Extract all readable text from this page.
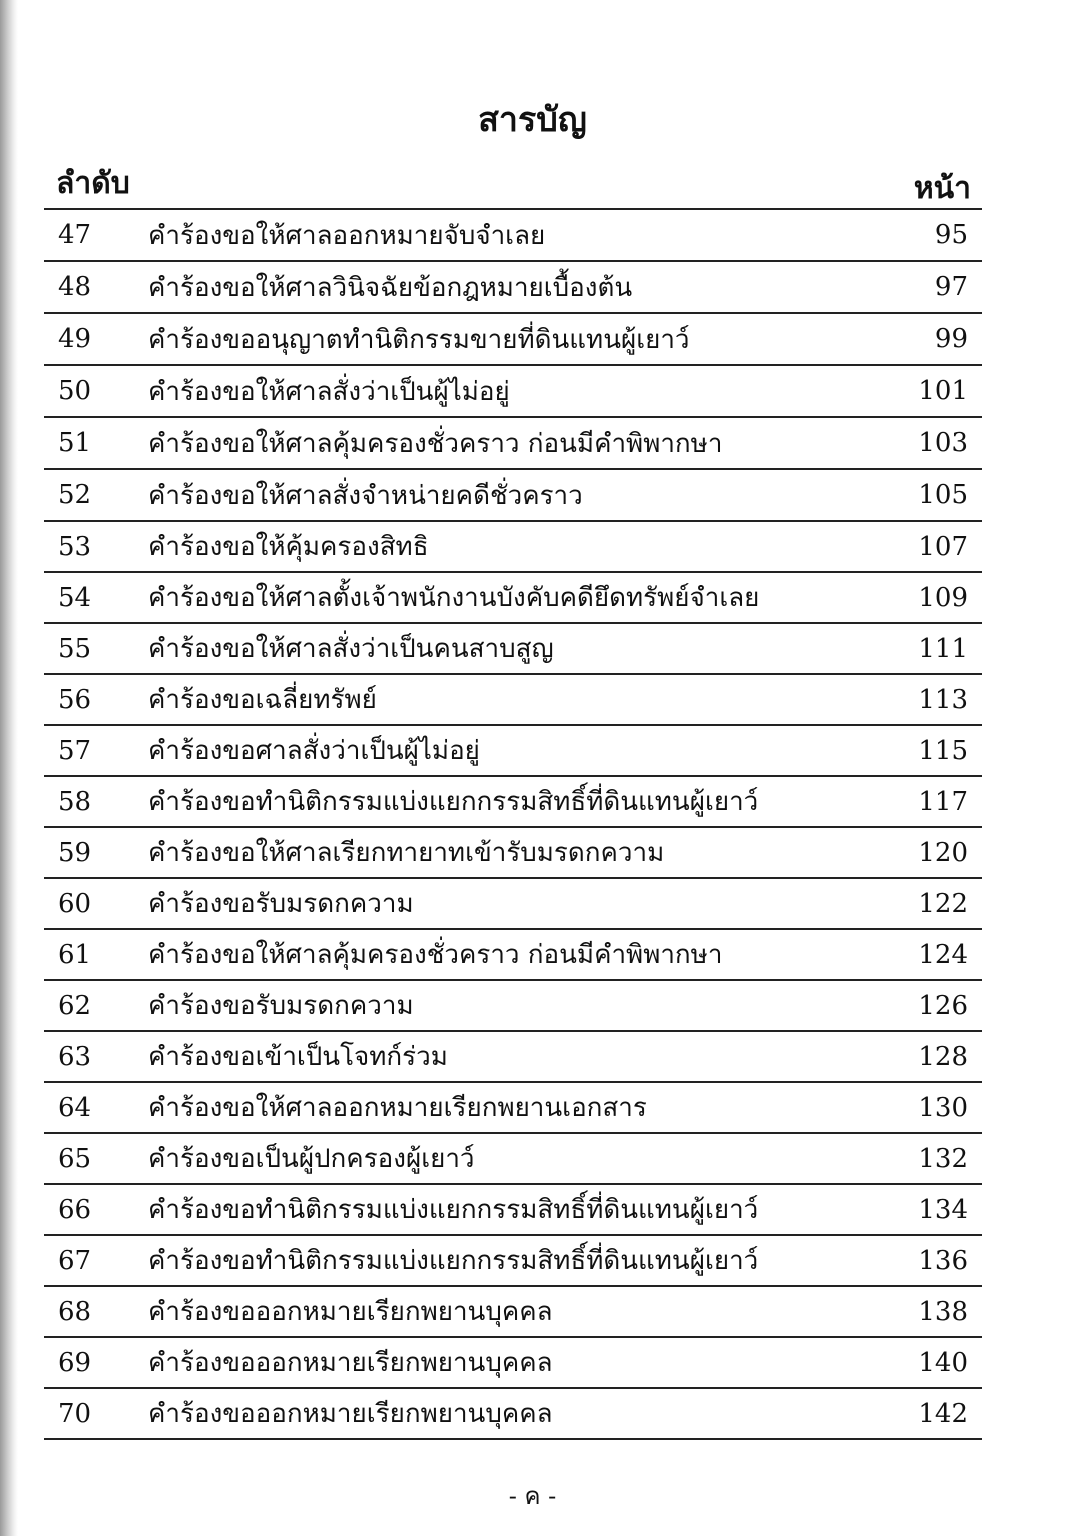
สารบัญ
ลำดับ	หน้า
47	คำร้องขอให้ศาลออกหมายจับจำเลย	95
48	คำร้องขอให้ศาลวินิจฉัยข้อกฎหมายเบื้องต้น	97
49	คำร้องขออนุญาตทำนิติกรรมขายที่ดินแทนผู้เยาว์	99
50	คำร้องขอให้ศาลสั่งว่าเป็นผู้ไม่อยู่	101
51	คำร้องขอให้ศาลคุ้มครองชั่วคราว ก่อนมีคำพิพากษา	103
52	คำร้องขอให้ศาลสั่งจำหน่ายคดีชั่วคราว	105
53	คำร้องขอให้คุ้มครองสิทธิ	107
54	คำร้องขอให้ศาลตั้งเจ้าพนักงานบังคับคดียึดทรัพย์จำเลย	109
55	คำร้องขอให้ศาลสั่งว่าเป็นคนสาบสูญ	111
56	คำร้องขอเฉลี่ยทรัพย์	113
57	คำร้องขอศาลสั่งว่าเป็นผู้ไม่อยู่	115
58	คำร้องขอทำนิติกรรมแบ่งแยกกรรมสิทธิ์ที่ดินแทนผู้เยาว์	117
59	คำร้องขอให้ศาลเรียกทายาทเข้ารับมรดกความ	120
60	คำร้องขอรับมรดกความ	122
61	คำร้องขอให้ศาลคุ้มครองชั่วคราว ก่อนมีคำพิพากษา	124
62	คำร้องขอรับมรดกความ	126
63	คำร้องขอเข้าเป็นโจทก์ร่วม	128
64	คำร้องขอให้ศาลออกหมายเรียกพยานเอกสาร	130
65	คำร้องขอเป็นผู้ปกครองผู้เยาว์	132
66	คำร้องขอทำนิติกรรมแบ่งแยกกรรมสิทธิ์ที่ดินแทนผู้เยาว์	134
67	คำร้องขอทำนิติกรรมแบ่งแยกกรรมสิทธิ์ที่ดินแทนผู้เยาว์	136
68	คำร้องขอออกหมายเรียกพยานบุคคล	138
69	คำร้องขอออกหมายเรียกพยานบุคคล	140
70	คำร้องขอออกหมายเรียกพยานบุคคล	142
- ค -
